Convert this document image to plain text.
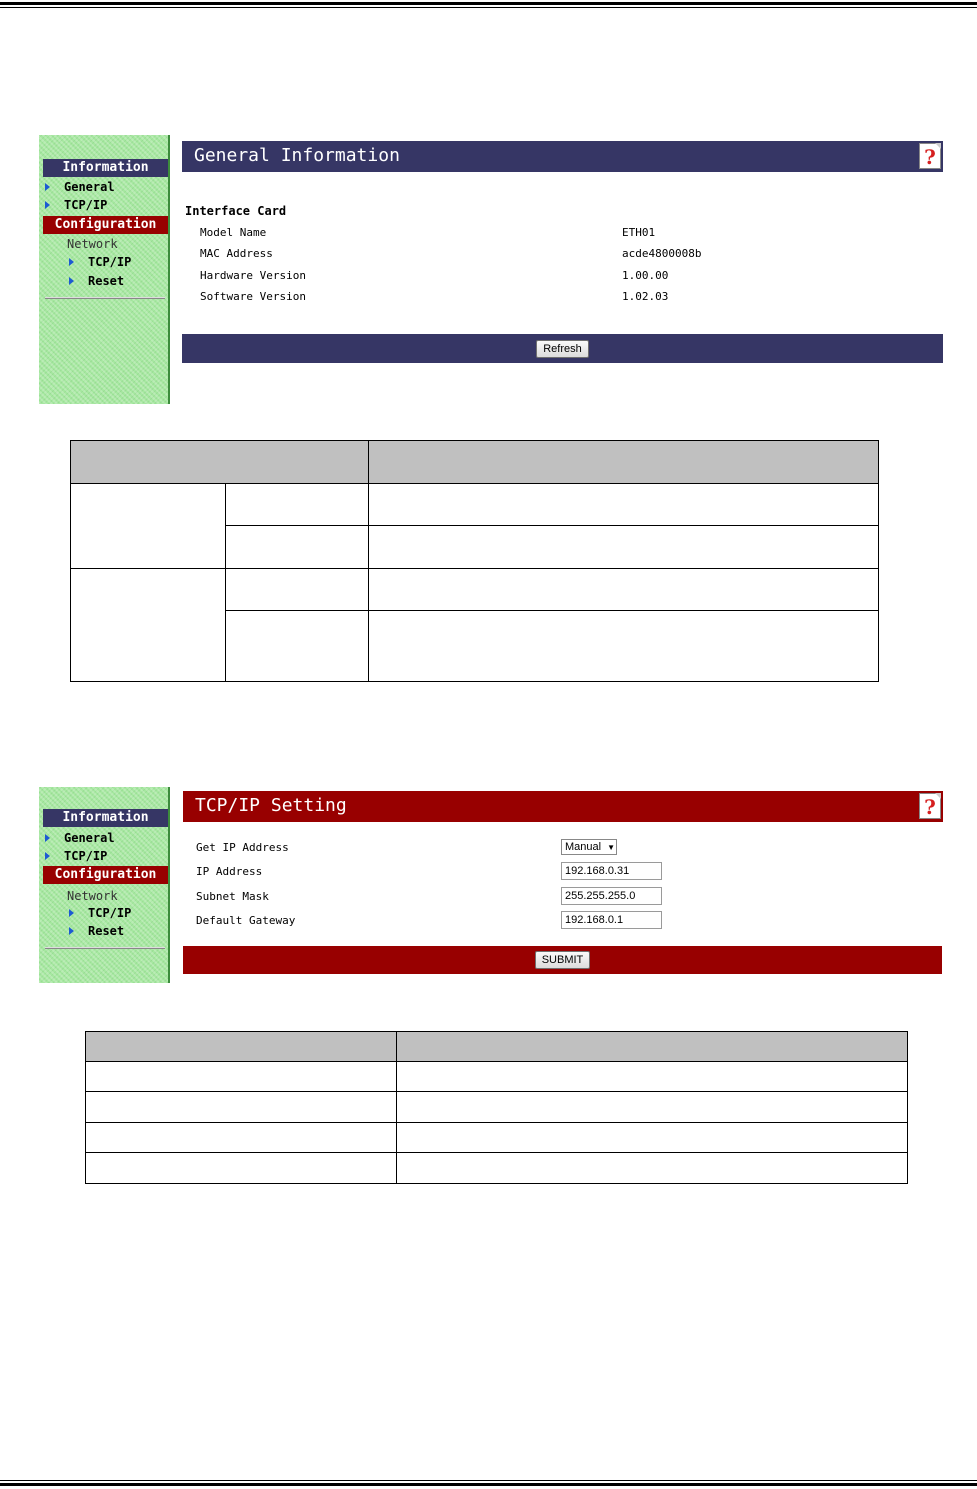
Information
General
TCP/IP
Configuration
Network
TCP/IP
Reset
General Information	?
Interface Card
Model Name	ETH01
MAC Address	acde4800008b
Hardware Version	1.00.00
Software Version	1.02.03
Refresh

Information
General
TCP/IP
Configuration
Network
TCP/IP
Reset
TCP/IP Setting	?
Get IP Address	Manual ▼
IP Address	192.168.0.31
Subnet Mask	255.255.255.0
Default Gateway	192.168.0.1
SUBMIT
